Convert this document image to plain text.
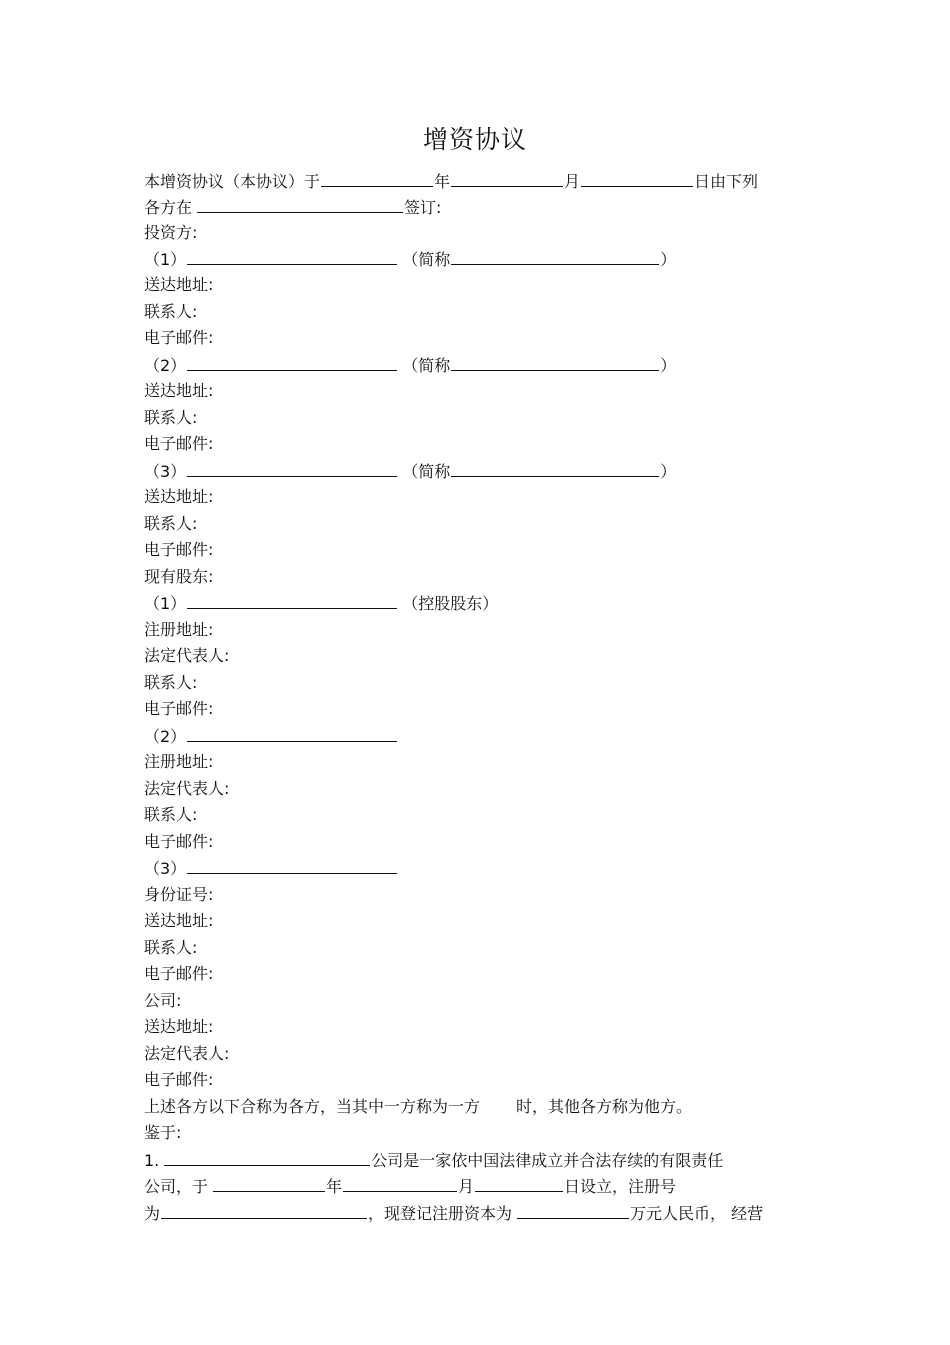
增资协议
本增资协议（本协议）于	年	月	日由下列
各方在	签订:
投资方:
（1）	（简称	）
送达地址:
联系人:
电子邮件:
（2）	（简称	）
送达地址:
联系人:
电子邮件:
（3）	（简称	）
送达地址:
联系人:
电子邮件:
现有股东:
（1）	（控股股东）
注册地址:
法定代表人:
联系人:
电子邮件:
（2）
注册地址:
法定代表人:
联系人:
电子邮件:
（3）
身份证号:
送达地址:
联系人:
电子邮件:
公司:
送达地址:
法定代表人:
电子邮件:
上述各方以下合称为各方，当其中一方称为一方 时，其他各方称为他方。
鉴于:
1.	公司是一家依中国法律成立并合法存续的有限责任
公司，于	年	月	日设立，注册号
为	，现登记注册资本为	万元人民币， 经营
